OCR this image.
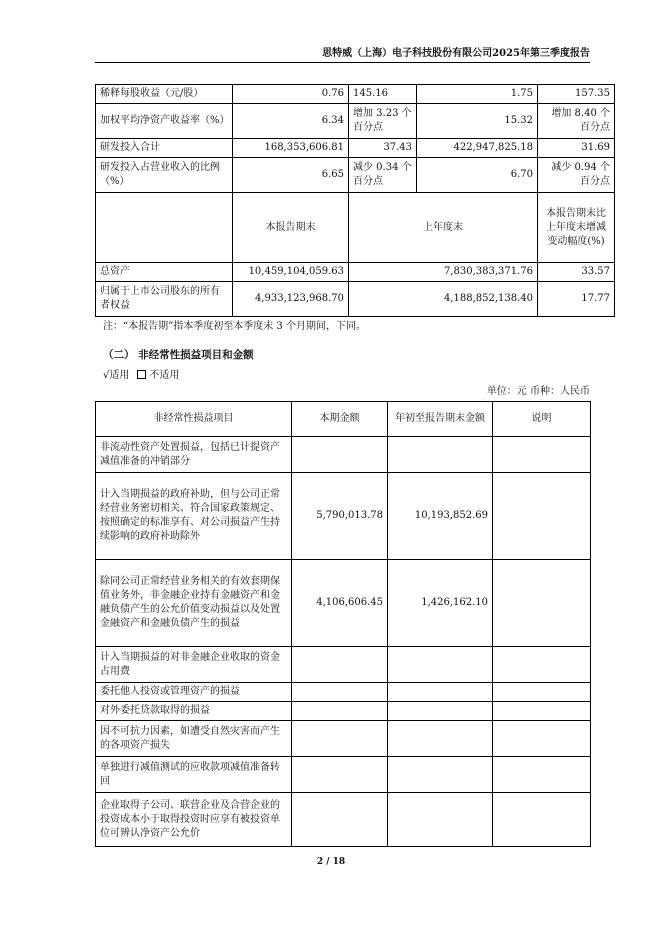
思特威（上海）电子科技股份有限公司2025年第三季度报告
稀释每股收益（元/股）	0.76	145.16	1.75	157.35
加权平均净资产收益率（%）	6.34	增加 3.23 个百分点	15.32	增加 8.40 个百分点
研发投入合计	168,353,606.81	37.43	422,947,825.18	31.69
研发投入占营业收入的比例（%）	6.65	减少 0.34 个百分点	6.70	减少 0.94 个百分点
	本报告期末	上年度末		本报告期末比上年度末增减变动幅度(%)
总资产	10,459,104,059.63	7,830,383,371.76		33.57
归属于上市公司股东的所有者权益	4,933,123,968.70	4,188,852,138.40		17.77
注：“本报告期”指本季度初至本季度末 3 个月期间，下同。
（二） 非经常性损益项目和金额
√适用 不适用
单位：元 币种：人民币
非经常性损益项目	本期金额	年初至报告期末金额	说明
非流动性资产处置损益，包括已计提资产减值准备的冲销部分			
计入当期损益的政府补助，但与公司正常经营业务密切相关、符合国家政策规定、按照确定的标准享有、对公司损益产生持续影响的政府补助除外	5,790,013.78	10,193,852.69	
除同公司正常经营业务相关的有效套期保值业务外，非金融企业持有金融资产和金融负债产生的公允价值变动损益以及处置金融资产和金融负债产生的损益	4,106,606.45	1,426,162.10	
计入当期损益的对非金融企业收取的资金占用费			
委托他人投资或管理资产的损益			
对外委托贷款取得的损益			
因不可抗力因素，如遭受自然灾害而产生的各项资产损失			
单独进行减值测试的应收款项减值准备转回			
企业取得子公司、联营企业及合营企业的投资成本小于取得投资时应享有被投资单位可辨认净资产公允价			
2 / 18
